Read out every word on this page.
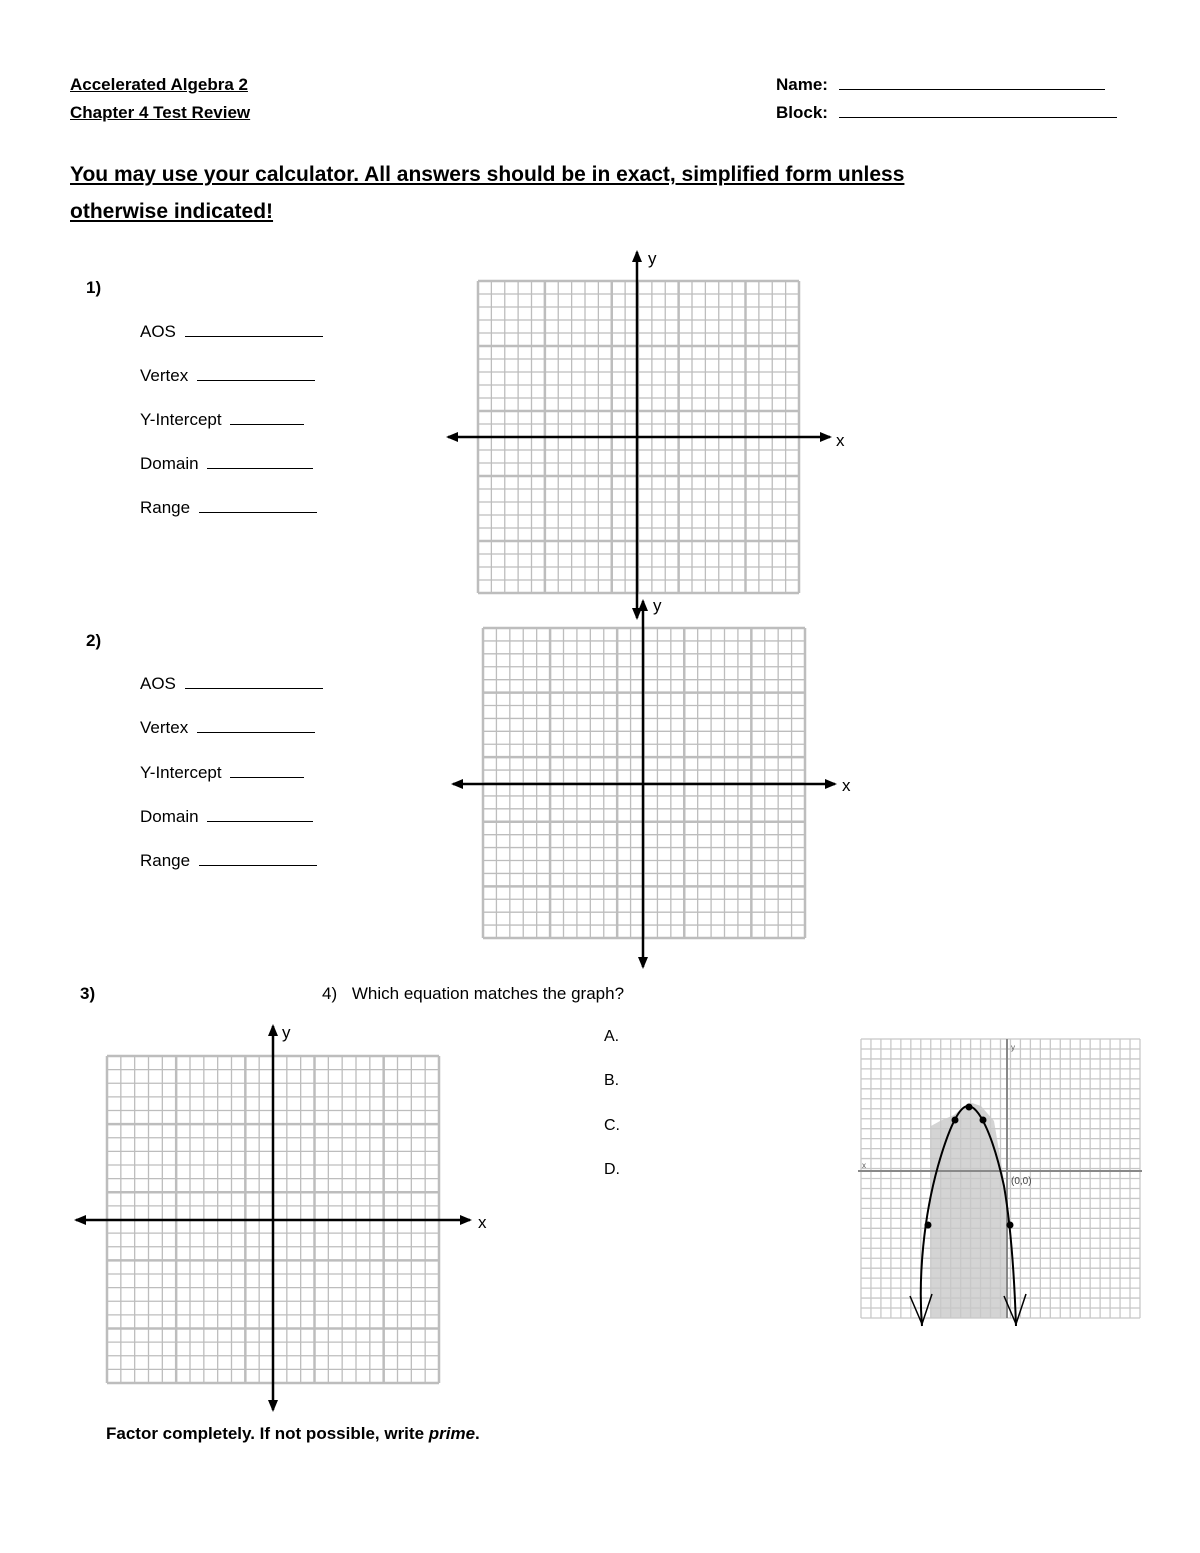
Accelerated Algebra 2
Chapter 4 Test Review
Name:
Block:
You may use your calculator. All answers should be in exact, simplified form unless
otherwise indicated!
1)
AOS
Vertex
Y-Intercept
Domain
Range
y
x
2)
AOS
Vertex
Y-Intercept
Domain
Range
y
x
3)	4) Which equation matches the graph?
y
x
A.
B.
C.
D.	x
y
(0,0)
Factor completely. If not possible, write prime.
